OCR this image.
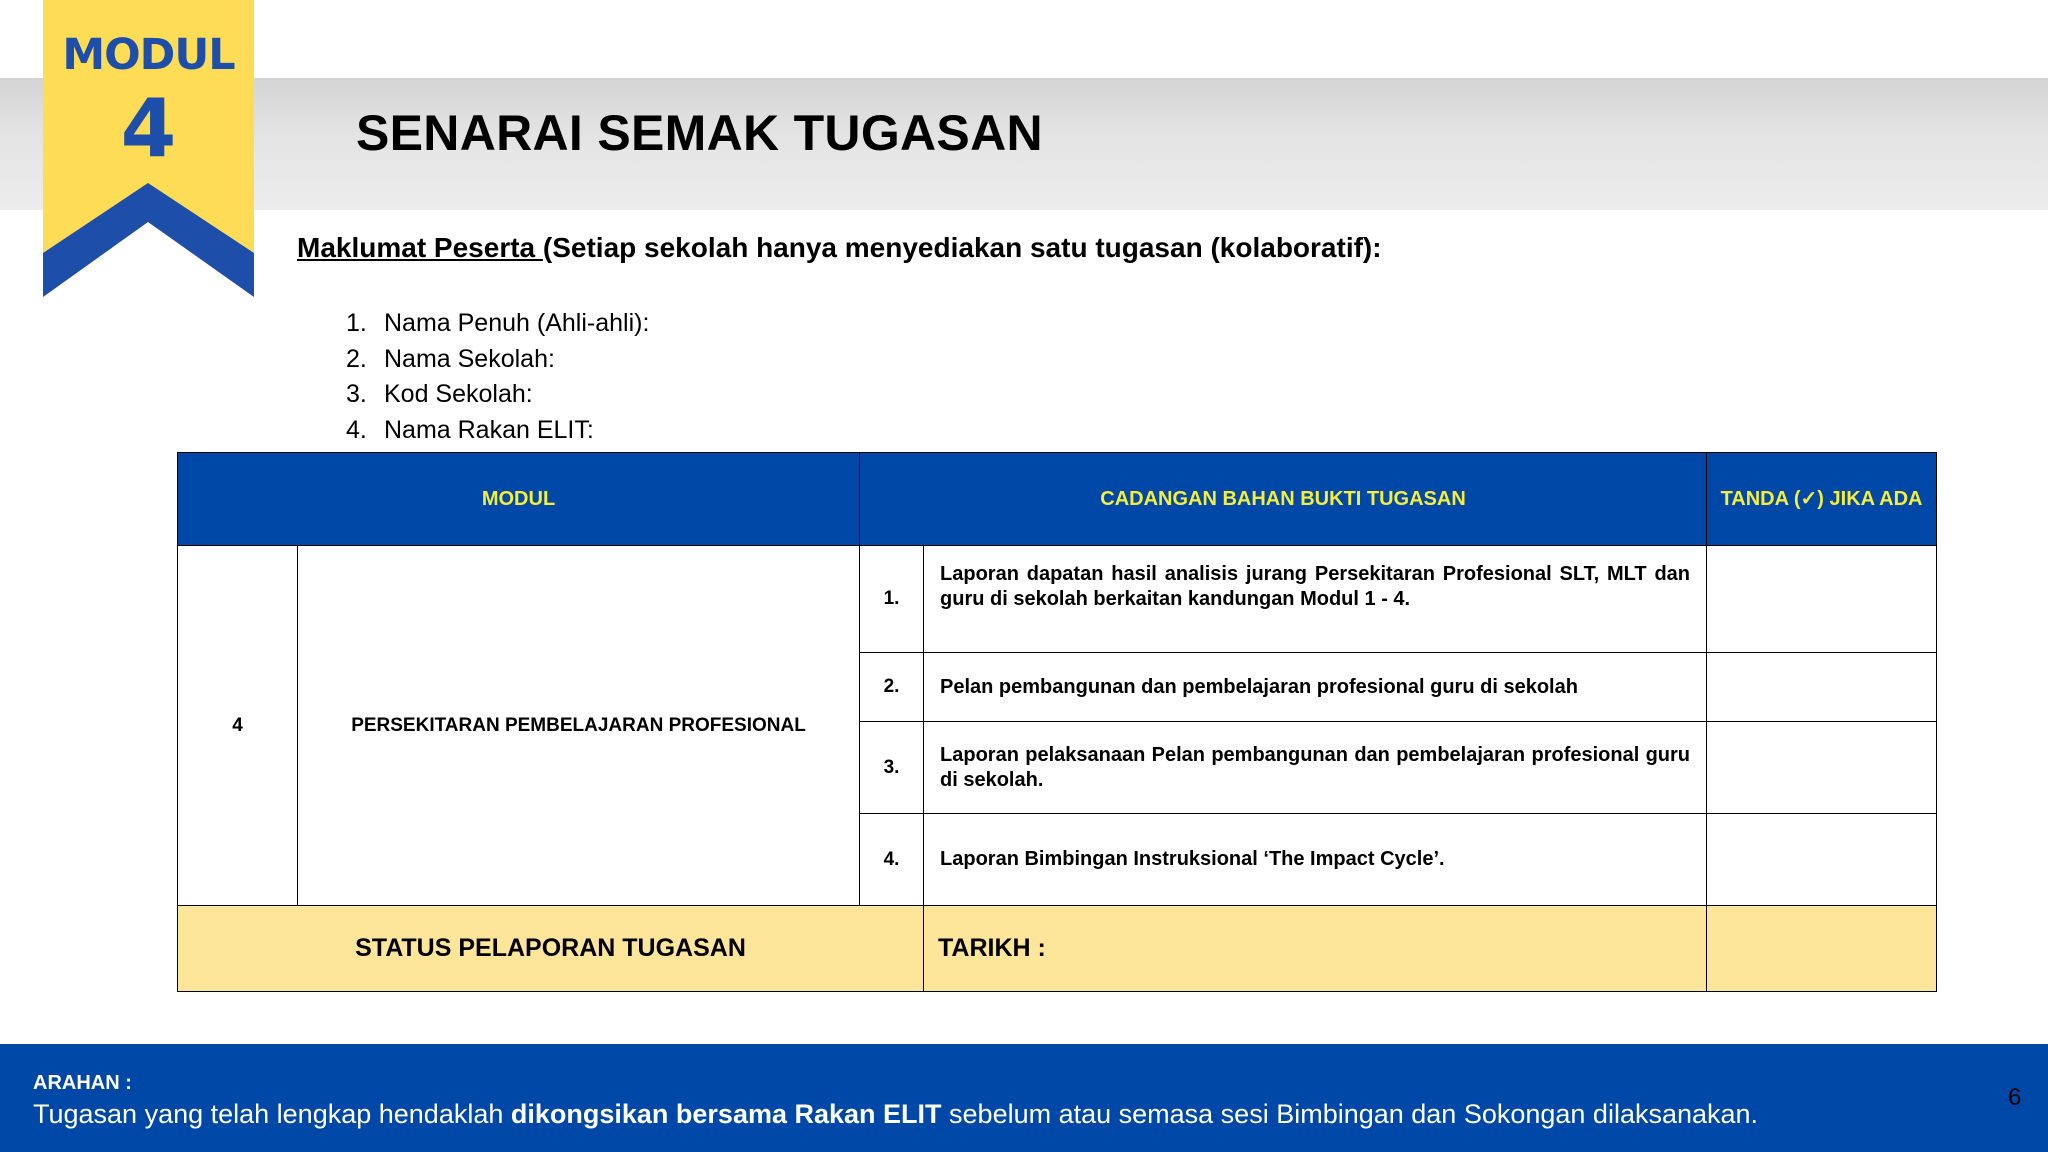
MODUL
4	SENARAI SEMAK TUGASAN
Maklumat Peserta (Setiap sekolah hanya menyediakan satu tugasan (kolaboratif):
1. Nama Penuh (Ahli-ahli):
2. Nama Sekolah:
3. Kod Sekolah:
4. Nama Rakan ELIT:
MODUL		CADANGAN BAHAN BUKTI TUGASAN		TANDA (✓) JIKA ADA
4	PERSEKITARAN PEMBELAJARAN PROFESIONAL	1.	Laporan dapatan hasil analisis jurang Persekitaran Profesional SLT, MLT dan guru di sekolah berkaitan kandungan Modul 1 - 4.	
		2.	Pelan pembangunan dan pembelajaran profesional guru di sekolah	
		3.	Laporan pelaksanaan Pelan pembangunan dan pembelajaran profesional guru di sekolah.	
		4.	Laporan Bimbingan Instruksional ‘The Impact Cycle’.	
STATUS PELAPORAN TUGASAN			TARIKH :	
ARAHAN :
Tugasan yang telah lengkap hendaklah dikongsikan bersama Rakan ELIT sebelum atau semasa sesi Bimbingan dan Sokongan dilaksanakan.
6
